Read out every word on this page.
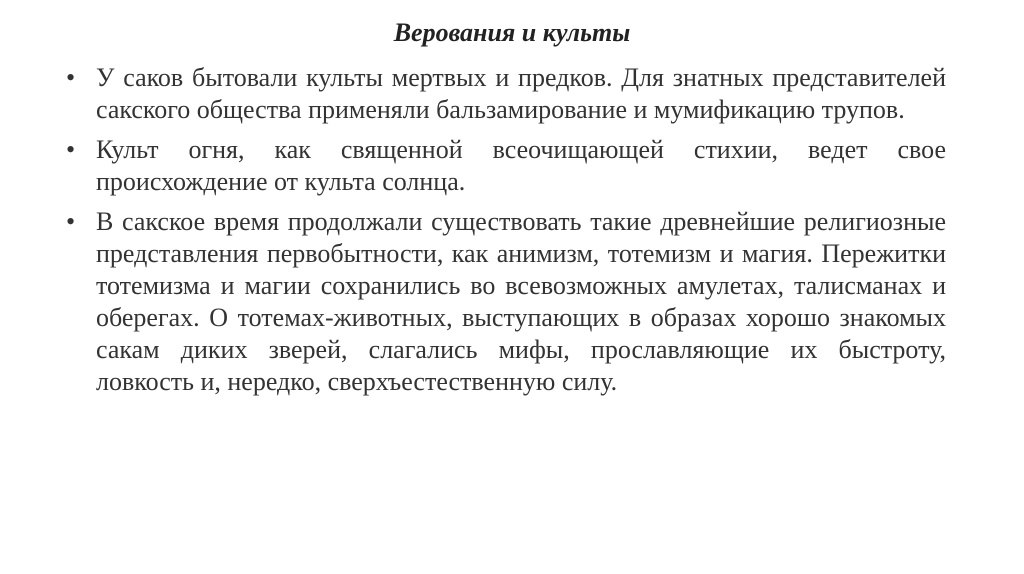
Верования и культы
• У саков бытовали культы мертвых и предков. Для знатных представителей сакского общества применяли бальзамирование и мумификацию трупов.
• Культ огня, как священной всеочищающей стихии, ведет свое происхождение от культа солнца.
• В сакское время продолжали существовать такие древнейшие религиозные представления первобытности, как анимизм, тотемизм и магия. Пережитки тотемизма и магии сохранились во всевозможных амулетах, талисманах и оберегах. О тотемах-животных, выступающих в образах хорошо знакомых сакам диких зверей, слагались мифы, прославляющие их быстроту, ловкость и, нередко, сверхъестественную силу.
